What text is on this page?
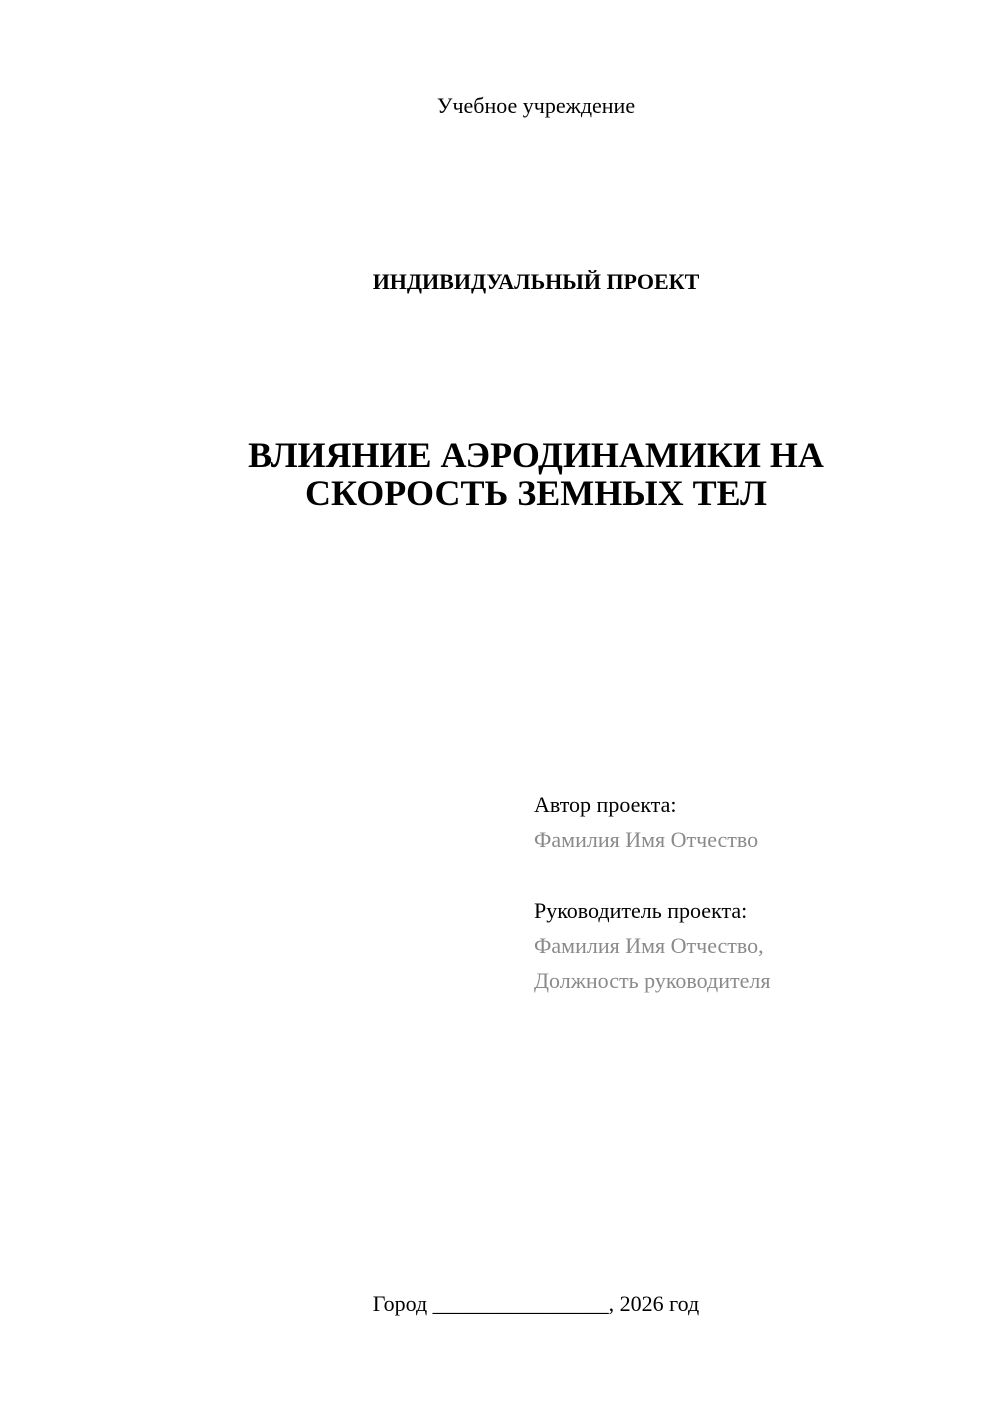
Учебное учреждение
ИНДИВИДУАЛЬНЫЙ ПРОЕКТ
ВЛИЯНИЕ АЭРОДИНАМИКИ НА
СКОРОСТЬ ЗЕМНЫХ ТЕЛ
Автор проекта:
Фамилия Имя Отчество
Руководитель проекта:
Фамилия Имя Отчество,
Должность руководителя
Город ________________, 2026 год
